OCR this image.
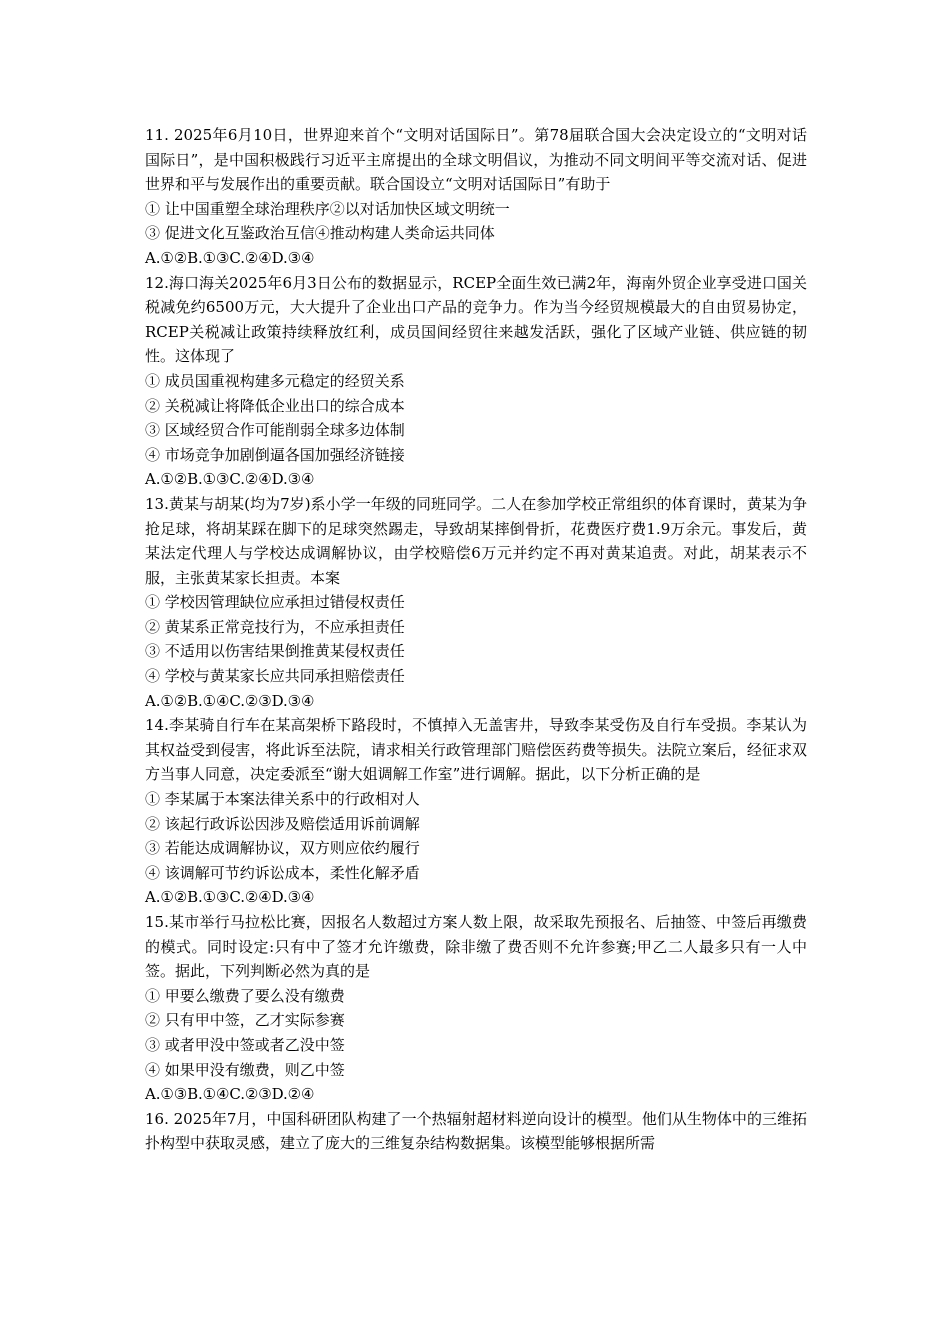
11. 2025年6月10日，世界迎来首个“文明对话国际日”。第78届联合国大会决定设立的“文明对话国际日”，是中国积极践行习近平主席提出的全球文明倡议，为推动不同文明间平等交流对话、促进世界和平与发展作出的重要贡献。联合国设立“文明对话国际日”有助于
① 让中国重塑全球治理秩序②以对话加快区域文明统一
③ 促进文化互鉴政治互信④推动构建人类命运共同体
A.①②B.①③C.②④D.③④
12.海口海关2025年6月3日公布的数据显示，RCEP全面生效已满2年，海南外贸企业享受进口国关税减免约6500万元，大大提升了企业出口产品的竞争力。作为当今经贸规模最大的自由贸易协定，RCEP关税减让政策持续释放红利，成员国间经贸往来越发活跃，强化了区域产业链、供应链的韧性。这体现了
① 成员国重视构建多元稳定的经贸关系
② 关税减让将降低企业出口的综合成本
③ 区域经贸合作可能削弱全球多边体制
④ 市场竞争加剧倒逼各国加强经济链接
A.①②B.①③C.②④D.③④
13.黄某与胡某(均为7岁)系小学一年级的同班同学。二人在参加学校正常组织的体育课时，黄某为争抢足球，将胡某踩在脚下的足球突然踢走，导致胡某摔倒骨折，花费医疗费1.9万余元。事发后，黄某法定代理人与学校达成调解协议，由学校赔偿6万元并约定不再对黄某追责。对此，胡某表示不服，主张黄某家长担责。本案
① 学校因管理缺位应承担过错侵权责任
② 黄某系正常竞技行为，不应承担责任
③ 不适用以伤害结果倒推黄某侵权责任
④ 学校与黄某家长应共同承担赔偿责任
A.①②B.①④C.②③D.③④
14.李某骑自行车在某高架桥下路段时，不慎掉入无盖害井，导致李某受伤及自行车受损。李某认为其权益受到侵害，将此诉至法院，请求相关行政管理部门赔偿医药费等损失。法院立案后，经征求双方当事人同意，决定委派至“谢大姐调解工作室”进行调解。据此，以下分析正确的是
① 李某属于本案法律关系中的行政相对人
② 该起行政诉讼因涉及赔偿适用诉前调解
③ 若能达成调解协议，双方则应依约履行
④ 该调解可节约诉讼成本，柔性化解矛盾
A.①②B.①③C.②④D.③④
15.某市举行马拉松比赛，因报名人数超过方案人数上限，故采取先预报名、后抽签、中签后再缴费的模式。同时设定:只有中了签才允许缴费，除非缴了费否则不允许参赛;甲乙二人最多只有一人中签。据此，下列判断必然为真的是
① 甲要么缴费了要么没有缴费
② 只有甲中签，乙才实际参赛
③ 或者甲没中签或者乙没中签
④ 如果甲没有缴费，则乙中签
A.①③B.①④C.②③D.②④
16. 2025年7月，中国科研团队构建了一个热辐射超材料逆向设计的模型。他们从生物体中的三维拓扑构型中获取灵感，建立了庞大的三维复杂结构数据集。该模型能够根据所需
